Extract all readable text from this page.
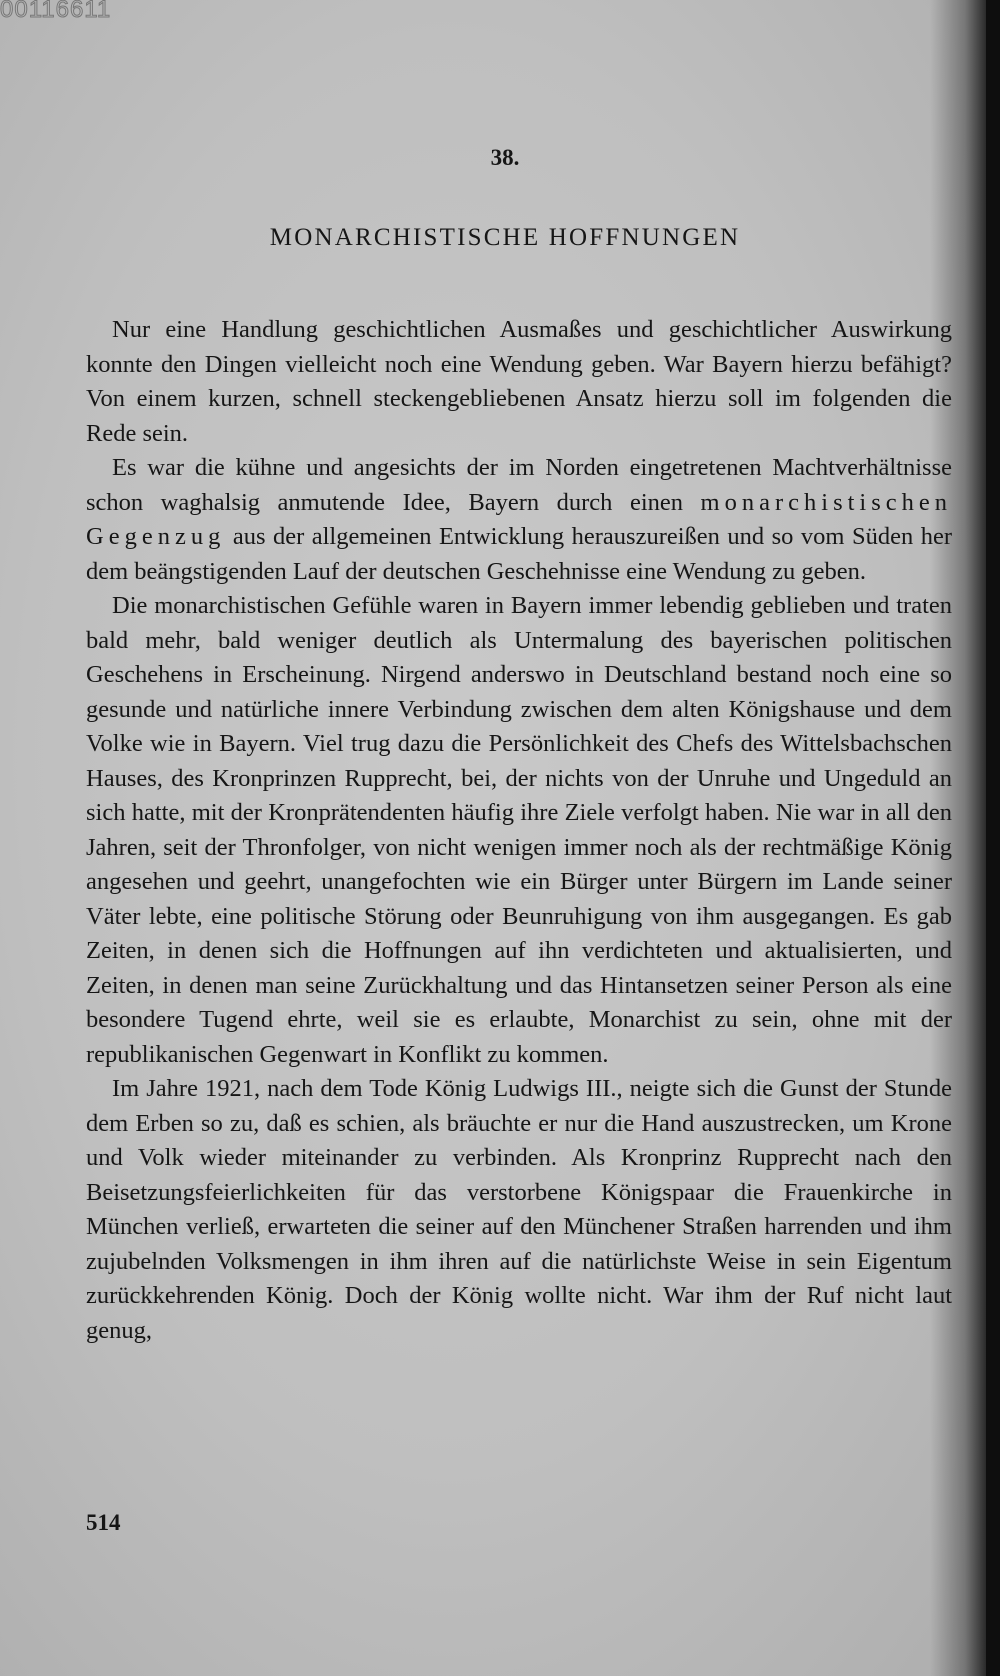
00116611
38.
MONARCHISTISCHE HOFFNUNGEN

Nur eine Handlung geschichtlichen Ausmaßes und geschichtlicher Auswirkung konnte den Dingen vielleicht noch eine Wendung geben. War Bayern hierzu befähigt? Von einem kurzen, schnell steckengebliebenen Ansatz hierzu soll im folgenden die Rede sein.

Es war die kühne und angesichts der im Norden eingetretenen Machtverhältnisse schon waghalsig anmutende Idee, Bayern durch einen monarchistischen Gegenzug aus der allgemeinen Entwicklung herauszureißen und so vom Süden her dem beängstigenden Lauf der deutschen Geschehnisse eine Wendung zu geben.

Die monarchistischen Gefühle waren in Bayern immer lebendig geblieben und traten bald mehr, bald weniger deutlich als Untermalung des bayerischen politischen Geschehens in Erscheinung. Nirgend anderswo in Deutschland bestand noch eine so gesunde und natürliche innere Verbindung zwischen dem alten Königshause und dem Volke wie in Bayern. Viel trug dazu die Persönlichkeit des Chefs des Wittelsbachschen Hauses, des Kronprinzen Rupprecht, bei, der nichts von der Unruhe und Ungeduld an sich hatte, mit der Kronprätendenten häufig ihre Ziele verfolgt haben. Nie war in all den Jahren, seit der Thronfolger, von nicht wenigen immer noch als der rechtmäßige König angesehen und geehrt, unangefochten wie ein Bürger unter Bürgern im Lande seiner Väter lebte, eine politische Störung oder Beunruhigung von ihm ausgegangen. Es gab Zeiten, in denen sich die Hoffnungen auf ihn verdichteten und aktualisierten, und Zeiten, in denen man seine Zurückhaltung und das Hintansetzen seiner Person als eine besondere Tugend ehrte, weil sie es erlaubte, Monarchist zu sein, ohne mit der republikanischen Gegenwart in Konflikt zu kommen.

Im Jahre 1921, nach dem Tode König Ludwigs III., neigte sich die Gunst der Stunde dem Erben so zu, daß es schien, als bräuchte er nur die Hand auszustrecken, um Krone und Volk wieder miteinander zu verbinden. Als Kronprinz Rupprecht nach den Beisetzungsfeierlichkeiten für das verstorbene Königspaar die Frauenkirche in München verließ, erwarteten die seiner auf den Münchener Straßen harrenden und ihm zujubelnden Volksmengen in ihm ihren auf die natürlichste Weise in sein Eigentum zurückkehrenden König. Doch der König wollte nicht. War ihm der Ruf nicht laut genug,

514
